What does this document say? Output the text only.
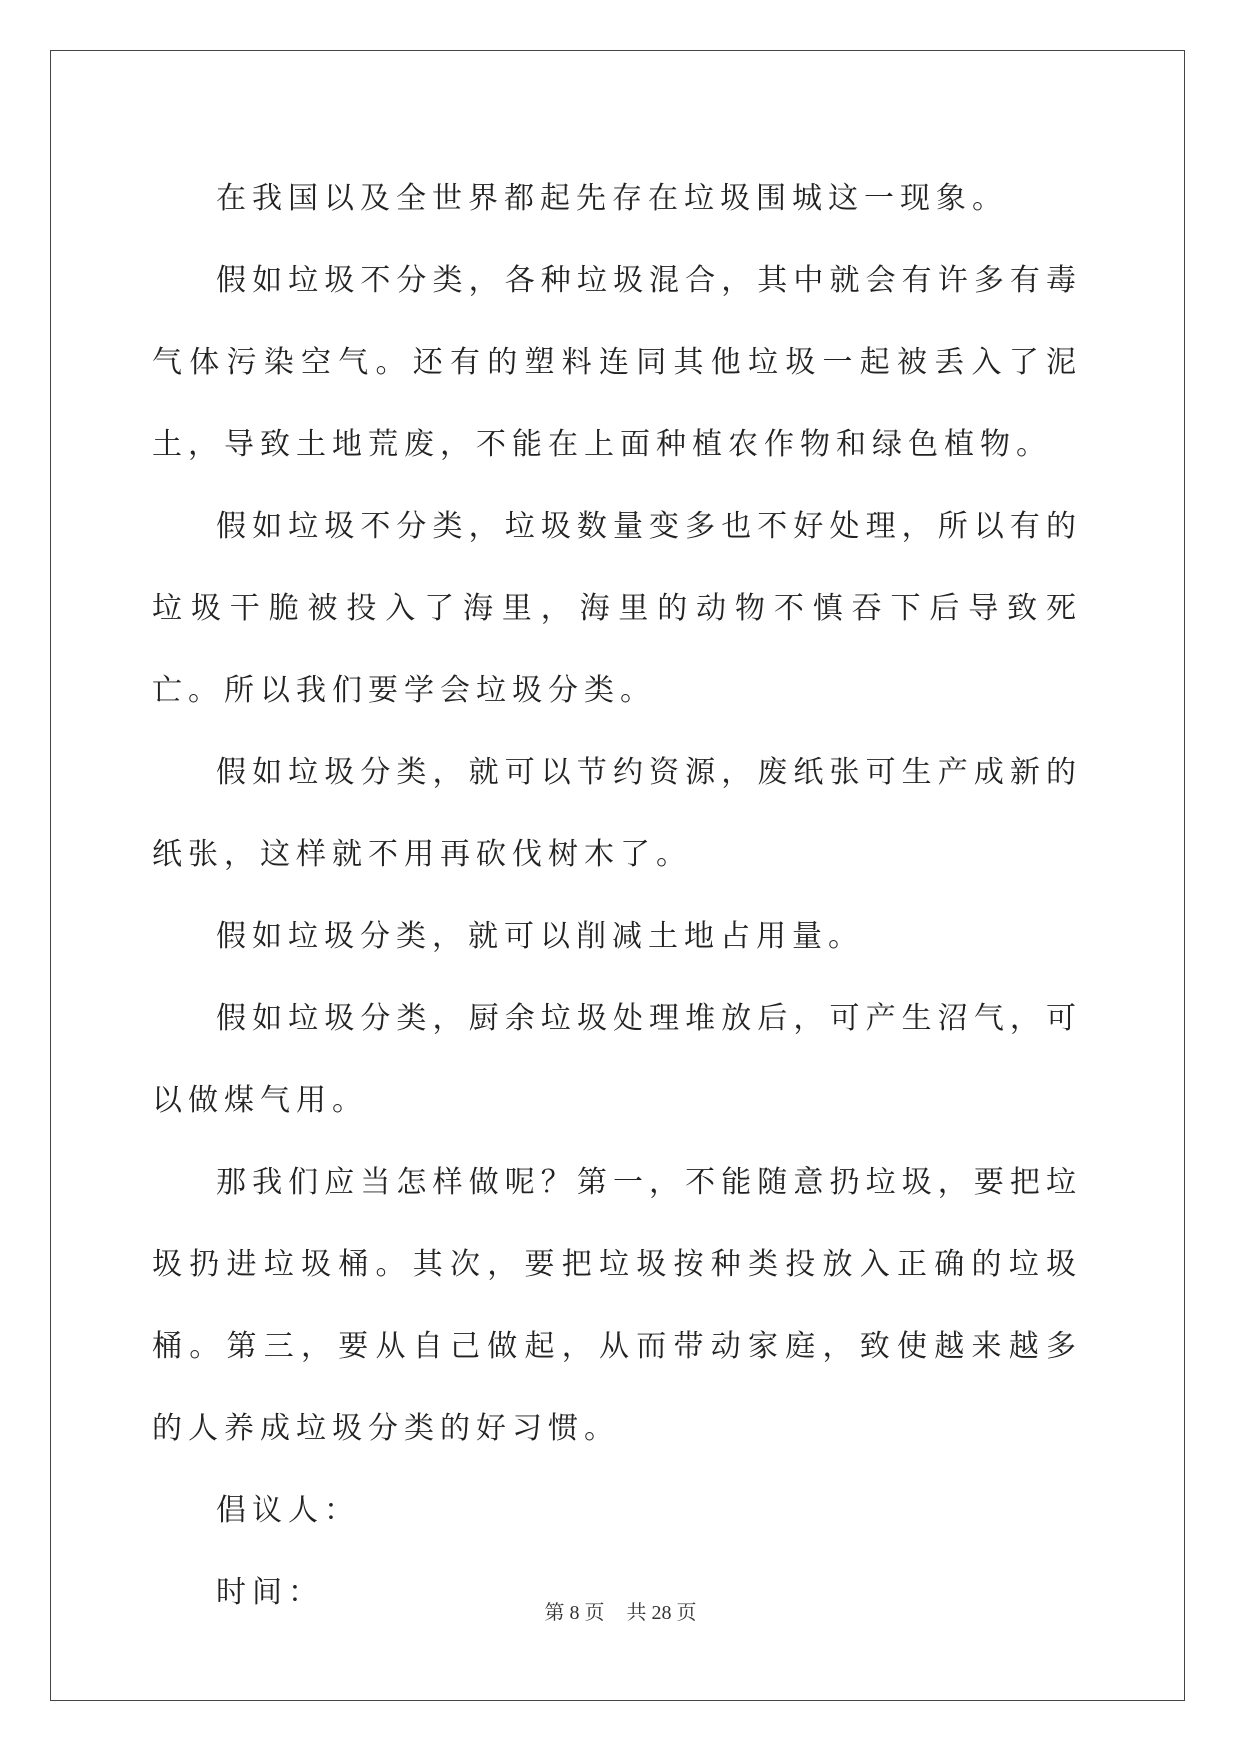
在我国以及全世界都起先存在垃圾围城这一现象。

假如垃圾不分类，各种垃圾混合，其中就会有许多有毒气体污染空气。还有的塑料连同其他垃圾一起被丢入了泥土，导致土地荒废，不能在上面种植农作物和绿色植物。

假如垃圾不分类，垃圾数量变多也不好处理，所以有的垃圾干脆被投入了海里，海里的动物不慎吞下后导致死亡。所以我们要学会垃圾分类。

假如垃圾分类，就可以节约资源，废纸张可生产成新的纸张，这样就不用再砍伐树木了。

假如垃圾分类，就可以削减土地占用量。

假如垃圾分类，厨余垃圾处理堆放后，可产生沼气，可以做煤气用。

那我们应当怎样做呢？第一，不能随意扔垃圾，要把垃圾扔进垃圾桶。其次，要把垃圾按种类投放入正确的垃圾桶。第三，要从自己做起，从而带动家庭，致使越来越多的人养成垃圾分类的好习惯。

倡议人：

时间：

第 8 页 共 28 页
